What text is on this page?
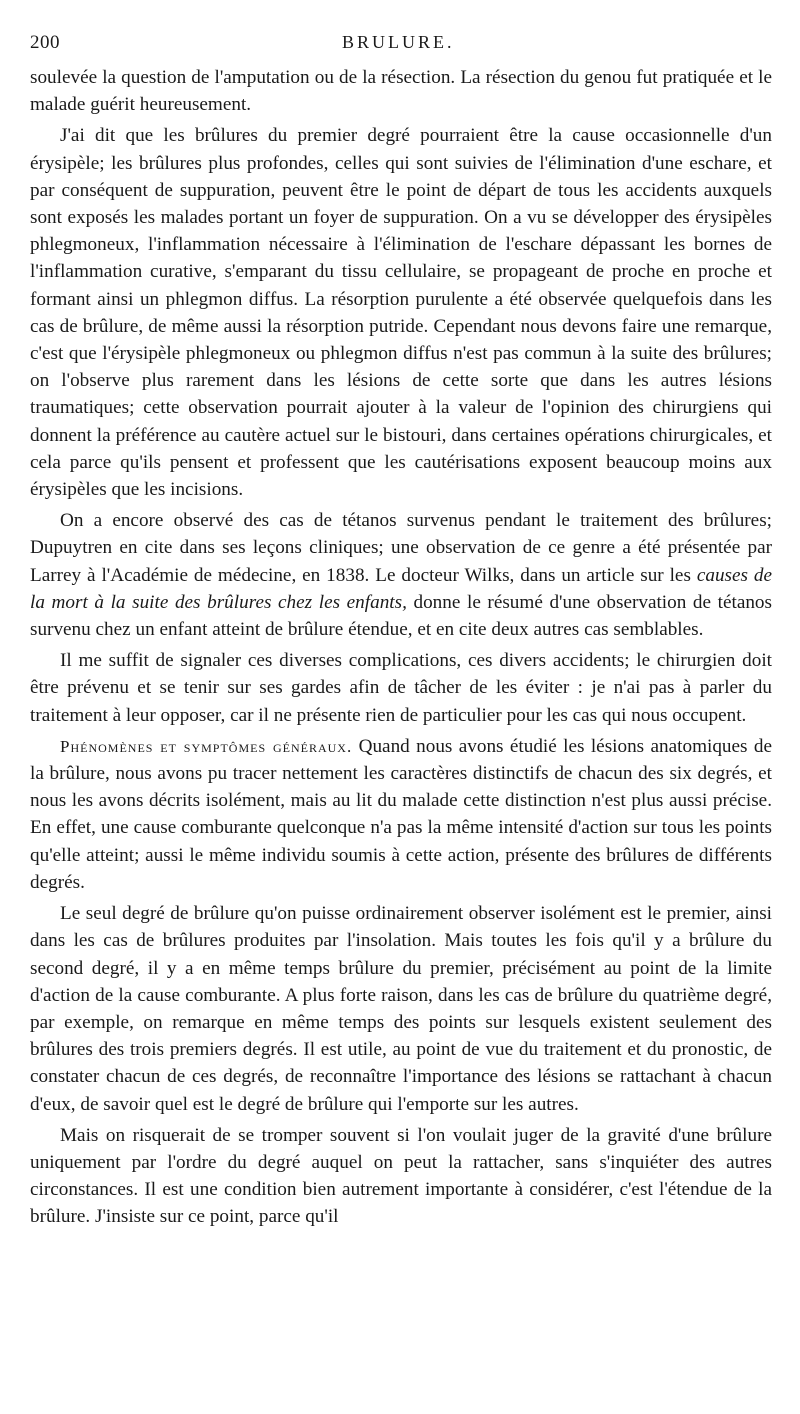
200	BRULURE.

soulevée la question de l'amputation ou de la résection. La résection du genou fut pratiquée et le malade guérit heureusement.

J'ai dit que les brûlures du premier degré pourraient être la cause occasionnelle d'un érysipèle; les brûlures plus profondes, celles qui sont suivies de l'élimination d'une eschare, et par conséquent de suppuration, peuvent être le point de départ de tous les accidents auxquels sont exposés les malades portant un foyer de suppuration. On a vu se développer des érysipèles phlegmoneux, l'inflammation nécessaire à l'élimination de l'eschare dépassant les bornes de l'inflammation curative, s'emparant du tissu cellulaire, se propageant de proche en proche et formant ainsi un phlegmon diffus. La résorption purulente a été observée quelquefois dans les cas de brûlure, de même aussi la résorption putride. Cependant nous devons faire une remarque, c'est que l'érysipèle phlegmoneux ou phlegmon diffus n'est pas commun à la suite des brûlures; on l'observe plus rarement dans les lésions de cette sorte que dans les autres lésions traumatiques; cette observation pourrait ajouter à la valeur de l'opinion des chirurgiens qui donnent la préférence au cautère actuel sur le bistouri, dans certaines opérations chirurgicales, et cela parce qu'ils pensent et professent que les cautérisations exposent beaucoup moins aux érysipèles que les incisions.

On a encore observé des cas de tétanos survenus pendant le traitement des brûlures; Dupuytren en cite dans ses leçons cliniques; une observation de ce genre a été présentée par Larrey à l'Académie de médecine, en 1838. Le docteur Wilks, dans un article sur les causes de la mort à la suite des brûlures chez les enfants, donne le résumé d'une observation de tétanos survenu chez un enfant atteint de brûlure étendue, et en cite deux autres cas semblables.

Il me suffit de signaler ces diverses complications, ces divers accidents; le chirurgien doit être prévenu et se tenir sur ses gardes afin de tâcher de les éviter : je n'ai pas à parler du traitement à leur opposer, car il ne présente rien de particulier pour les cas qui nous occupent.

Phénomènes et symptômes généraux. Quand nous avons étudié les lésions anatomiques de la brûlure, nous avons pu tracer nettement les caractères distinctifs de chacun des six degrés, et nous les avons décrits isolément, mais au lit du malade cette distinction n'est plus aussi précise. En effet, une cause comburante quelconque n'a pas la même intensité d'action sur tous les points qu'elle atteint; aussi le même individu soumis à cette action, présente des brûlures de différents degrés.

Le seul degré de brûlure qu'on puisse ordinairement observer isolément est le premier, ainsi dans les cas de brûlures produites par l'insolation. Mais toutes les fois qu'il y a brûlure du second degré, il y a en même temps brûlure du premier, précisément au point de la limite d'action de la cause comburante. A plus forte raison, dans les cas de brûlure du quatrième degré, par exemple, on remarque en même temps des points sur lesquels existent seulement des brûlures des trois premiers degrés. Il est utile, au point de vue du traitement et du pronostic, de constater chacun de ces degrés, de reconnaître l'importance des lésions se rattachant à chacun d'eux, de savoir quel est le degré de brûlure qui l'emporte sur les autres.

Mais on risquerait de se tromper souvent si l'on voulait juger de la gravité d'une brûlure uniquement par l'ordre du degré auquel on peut la rattacher, sans s'inquiéter des autres circonstances. Il est une condition bien autrement importante à considérer, c'est l'étendue de la brûlure. J'insiste sur ce point, parce qu'il
